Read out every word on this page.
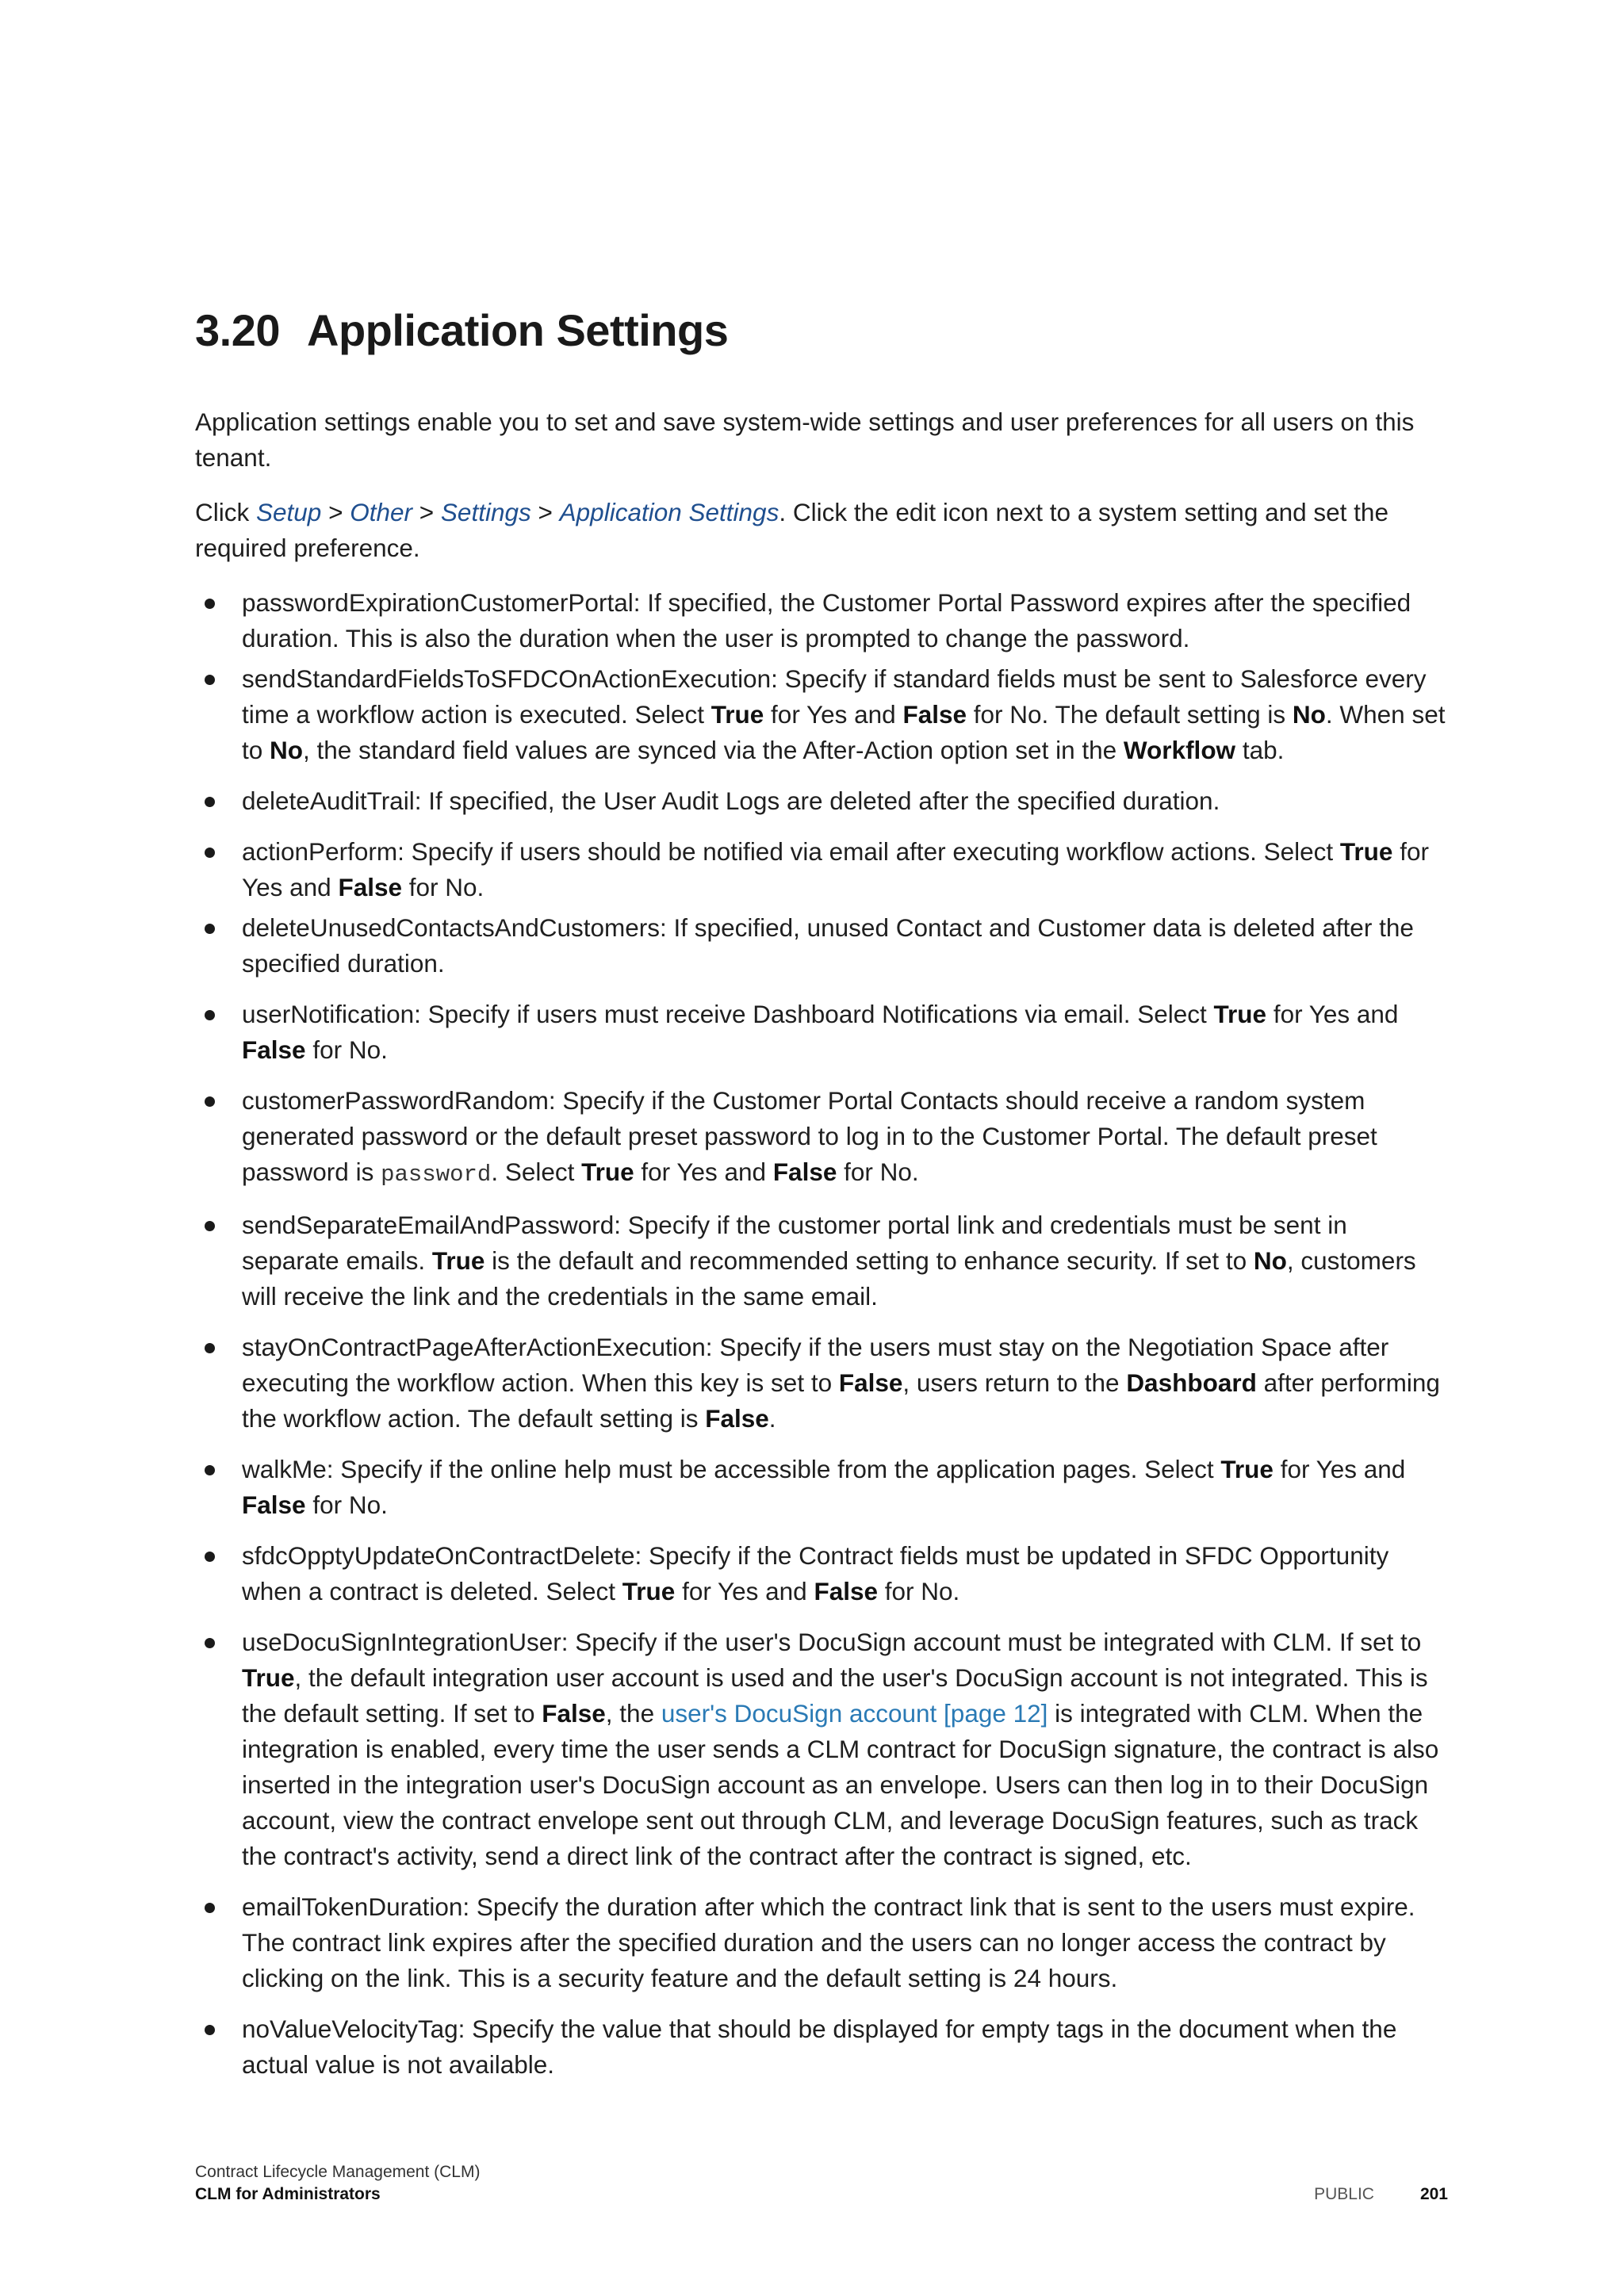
3.20 Application Settings

Application settings enable you to set and save system-wide settings and user preferences for all users on this tenant.

Click Setup > Other > Settings > Application Settings. Click the edit icon next to a system setting and set the required preference.

passwordExpirationCustomerPortal: If specified, the Customer Portal Password expires after the specified duration. This is also the duration when the user is prompted to change the password.
sendStandardFieldsToSFDCOnActionExecution: Specify if standard fields must be sent to Salesforce every time a workflow action is executed. Select True for Yes and False for No. The default setting is No. When set to No, the standard field values are synced via the After-Action option set in the Workflow tab.
deleteAuditTrail: If specified, the User Audit Logs are deleted after the specified duration.
actionPerform: Specify if users should be notified via email after executing workflow actions. Select True for Yes and False for No.
deleteUnusedContactsAndCustomers: If specified, unused Contact and Customer data is deleted after the specified duration.
userNotification: Specify if users must receive Dashboard Notifications via email. Select True for Yes and False for No.
customerPasswordRandom: Specify if the Customer Portal Contacts should receive a random system generated password or the default preset password to log in to the Customer Portal. The default preset password is password. Select True for Yes and False for No.
sendSeparateEmailAndPassword: Specify if the customer portal link and credentials must be sent in separate emails. True is the default and recommended setting to enhance security. If set to No, customers will receive the link and the credentials in the same email.
stayOnContractPageAfterActionExecution: Specify if the users must stay on the Negotiation Space after executing the workflow action. When this key is set to False, users return to the Dashboard after performing the workflow action. The default setting is False.
walkMe: Specify if the online help must be accessible from the application pages. Select True for Yes and False for No.
sfdcOpptyUpdateOnContractDelete: Specify if the Contract fields must be updated in SFDC Opportunity when a contract is deleted. Select True for Yes and False for No.
useDocuSignIntegrationUser: Specify if the user's DocuSign account must be integrated with CLM. If set to True, the default integration user account is used and the user's DocuSign account is not integrated. This is the default setting. If set to False, the user's DocuSign account [page 12] is integrated with CLM. When the integration is enabled, every time the user sends a CLM contract for DocuSign signature, the contract is also inserted in the integration user's DocuSign account as an envelope. Users can then log in to their DocuSign account, view the contract envelope sent out through CLM, and leverage DocuSign features, such as track the contract's activity, send a direct link of the contract after the contract is signed, etc.
emailTokenDuration: Specify the duration after which the contract link that is sent to the users must expire. The contract link expires after the specified duration and the users can no longer access the contract by clicking on the link. This is a security feature and the default setting is 24 hours.
noValueVelocityTag: Specify the value that should be displayed for empty tags in the document when the actual value is not available.
Contract Lifecycle Management (CLM)
CLM for Administrators	PUBLIC	201
